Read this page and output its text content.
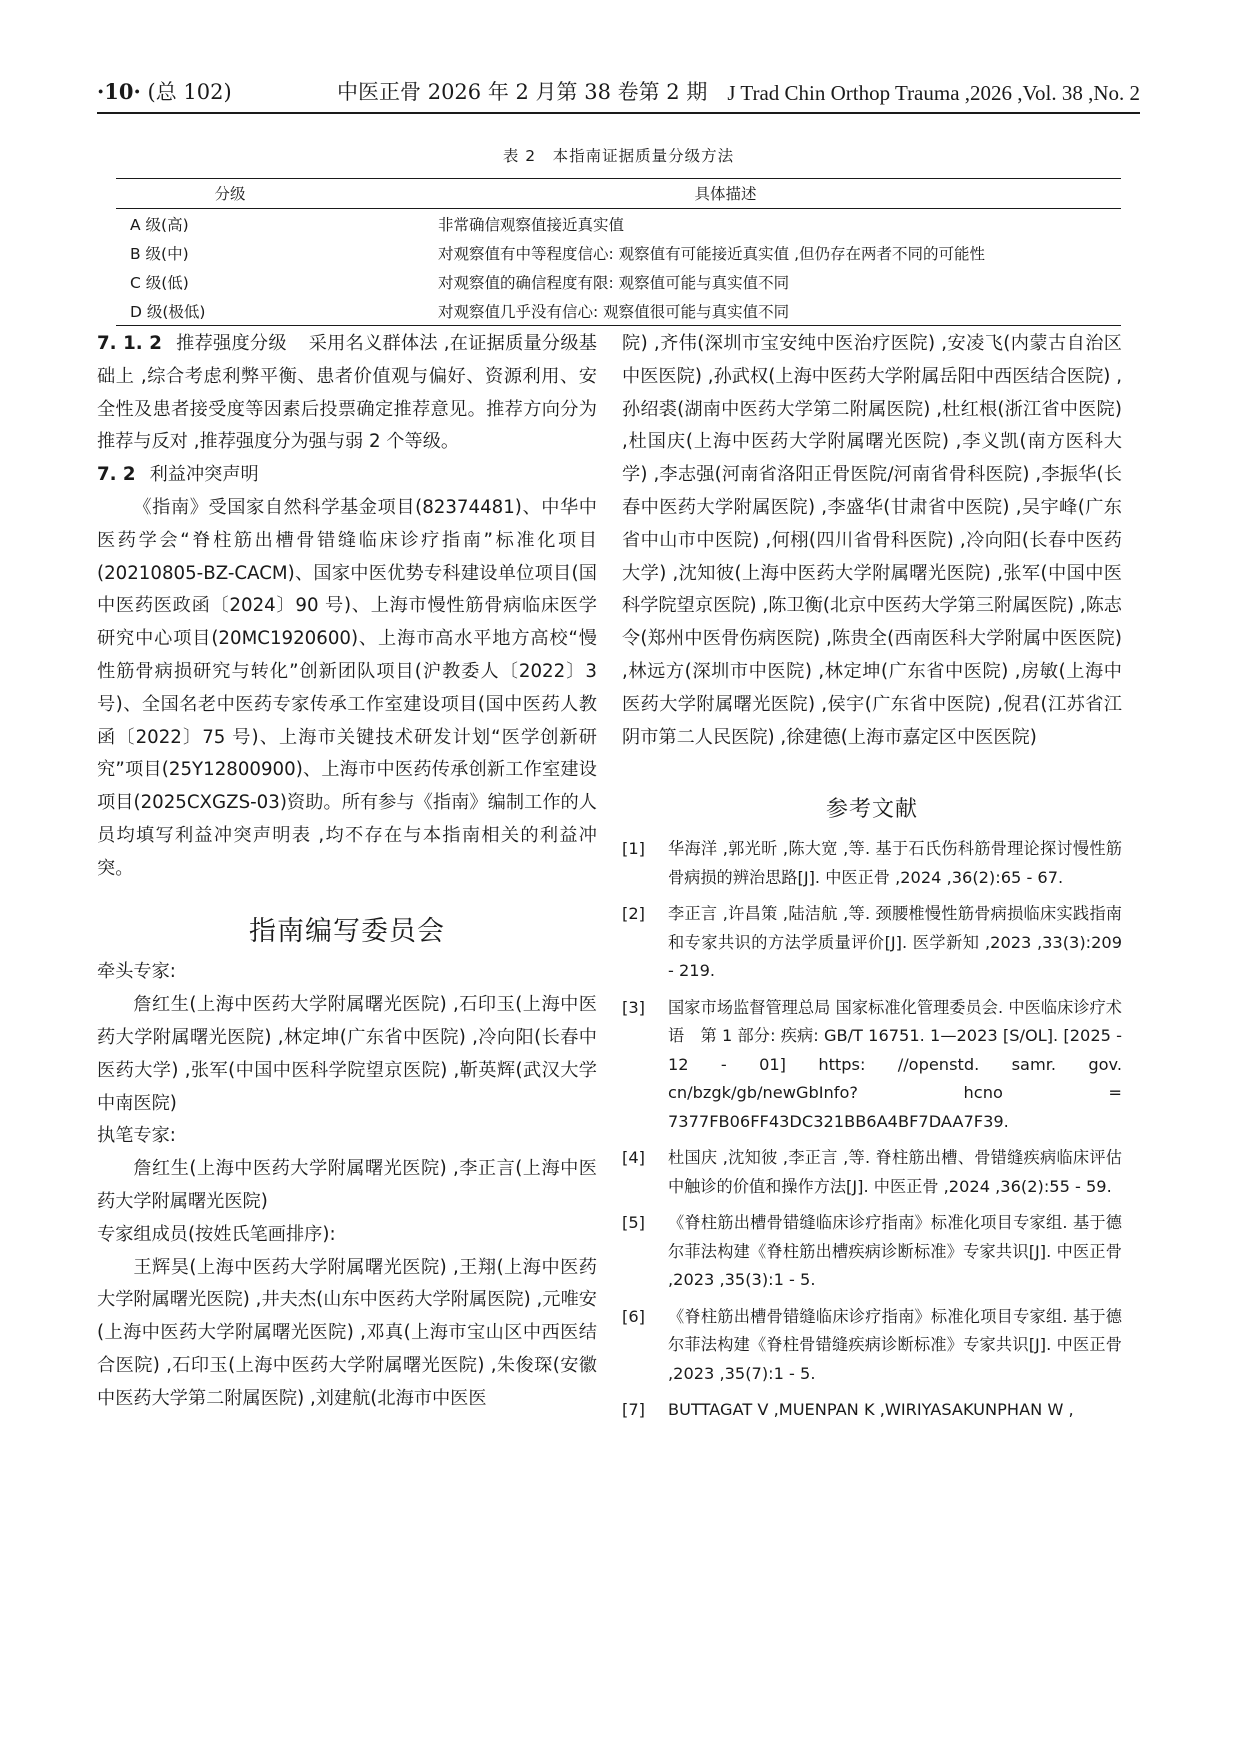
·10· (总 102)	中医正骨 2026 年 2 月第 38 卷第 2 期 J Trad Chin Orthop Trauma ,2026 ,Vol. 38 ,No. 2
表 2　本指南证据质量分级方法
分级	具体描述
A 级(高)	非常确信观察值接近真实值
B 级(中)	对观察值有中等程度信心: 观察值有可能接近真实值 ,但仍存在两者不同的可能性
C 级(低)	对观察值的确信程度有限: 观察值可能与真实值不同
D 级(极低)	对观察值几乎没有信心: 观察值很可能与真实值不同

7. 1. 2 推荐强度分级 采用名义群体法 ,在证据质量分级基础上 ,综合考虑利弊平衡、患者价值观与偏好、资源利用、安全性及患者接受度等因素后投票确定推荐意见。推荐方向分为推荐与反对 ,推荐强度分为强与弱 2 个等级。

7. 2 利益冲突声明

《指南》受国家自然科学基金项目(82374481)、中华中医药学会“脊柱筋出槽骨错缝临床诊疗指南”标准化项目(20210805-BZ-CACM)、国家中医优势专科建设单位项目(国中医药医政函〔2024〕90 号)、上海市慢性筋骨病临床医学研究中心项目(20MC1920600)、上海市高水平地方高校“慢性筋骨病损研究与转化”创新团队项目(沪教委人〔2022〕3 号)、全国名老中医药专家传承工作室建设项目(国中医药人教函〔2022〕75 号)、上海市关键技术研发计划“医学创新研究”项目(25Y12800900)、上海市中医药传承创新工作室建设项目(2025CXGZS-03)资助。所有参与《指南》编制工作的人员均填写利益冲突声明表 ,均不存在与本指南相关的利益冲突。

指南编写委员会

牵头专家:

詹红生(上海中医药大学附属曙光医院) ,石印玉(上海中医药大学附属曙光医院) ,林定坤(广东省中医院) ,冷向阳(长春中医药大学) ,张军(中国中医科学院望京医院) ,靳英辉(武汉大学中南医院)

执笔专家:

詹红生(上海中医药大学附属曙光医院) ,李正言(上海中医药大学附属曙光医院)

专家组成员(按姓氏笔画排序):

王辉昊(上海中医药大学附属曙光医院) ,王翔(上海中医药大学附属曙光医院) ,井夫杰(山东中医药大学附属医院) ,元唯安(上海中医药大学附属曙光医院) ,邓真(上海市宝山区中西医结合医院) ,石印玉(上海中医药大学附属曙光医院) ,朱俊琛(安徽中医药大学第二附属医院) ,刘建航(北海市中医医

院) ,齐伟(深圳市宝安纯中医治疗医院) ,安凌飞(内蒙古自治区中医医院) ,孙武权(上海中医药大学附属岳阳中西医结合医院) ,孙绍裘(湖南中医药大学第二附属医院) ,杜红根(浙江省中医院) ,杜国庆(上海中医药大学附属曙光医院) ,李义凯(南方医科大学) ,李志强(河南省洛阳正骨医院/河南省骨科医院) ,李振华(长春中医药大学附属医院) ,李盛华(甘肃省中医院) ,吴宇峰(广东省中山市中医院) ,何栩(四川省骨科医院) ,冷向阳(长春中医药大学) ,沈知彼(上海中医药大学附属曙光医院) ,张军(中国中医科学院望京医院) ,陈卫衡(北京中医药大学第三附属医院) ,陈志令(郑州中医骨伤病医院) ,陈贵全(西南医科大学附属中医医院) ,林远方(深圳市中医院) ,林定坤(广东省中医院) ,房敏(上海中医药大学附属曙光医院) ,侯宇(广东省中医院) ,倪君(江苏省江阴市第二人民医院) ,徐建德(上海市嘉定区中医医院)

参考文献
[1]	华海洋 ,郭光昕 ,陈大宽 ,等. 基于石氏伤科筋骨理论探讨慢性筋骨病损的辨治思路[J]. 中医正骨 ,2024 ,36(2):65 - 67.
[2]	李正言 ,许昌策 ,陆洁航 ,等. 颈腰椎慢性筋骨病损临床实践指南和专家共识的方法学质量评价[J]. 医学新知 ,2023 ,33(3):209 - 219.
[3]	国家市场监督管理总局 国家标准化管理委员会. 中医临床诊疗术语　第 1 部分: 疾病: GB/T 16751. 1—2023 [S/OL]. [2025 - 12 - 01] https: //openstd. samr. gov. cn/bzgk/gb/newGbInfo? hcno = 7377FB06FF43DC321BB6A4BF7DAA7F39.
[4]	杜国庆 ,沈知彼 ,李正言 ,等. 脊柱筋出槽、骨错缝疾病临床评估中触诊的价值和操作方法[J]. 中医正骨 ,2024 ,36(2):55 - 59.
[5]	《脊柱筋出槽骨错缝临床诊疗指南》标准化项目专家组. 基于德尔菲法构建《脊柱筋出槽疾病诊断标准》专家共识[J]. 中医正骨 ,2023 ,35(3):1 - 5.
[6]	《脊柱筋出槽骨错缝临床诊疗指南》标准化项目专家组. 基于德尔菲法构建《脊柱骨错缝疾病诊断标准》专家共识[J]. 中医正骨 ,2023 ,35(7):1 - 5.
[7]	BUTTAGAT V ,MUENPAN K ,WIRIYASAKUNPHAN W ,
